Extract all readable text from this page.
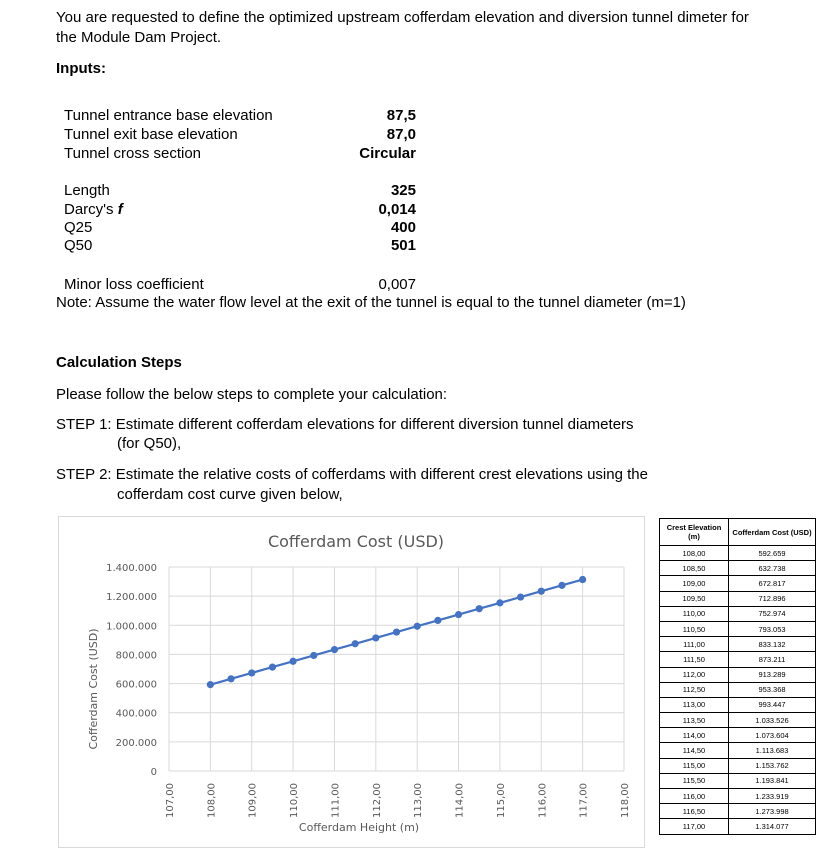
You are requested to define the optimized upstream cofferdam elevation and diversion tunnel dimeter for the Module Dam Project.
Inputs:
Tunnel entrance base elevation	87,5
Tunnel exit base elevation	87,0
Tunnel cross section	Circular
Length	325
Darcy's f	0,014
Q25	400
Q50	501
Minor loss coefficient	0,007
Note: Assume the water flow level at the exit of the tunnel is equal to the tunnel diameter (m=1)
Calculation Steps
Please follow the below steps to complete your calculation:
STEP 1: Estimate different cofferdam elevations for different diversion tunnel diameters
(for Q50),
STEP 2: Estimate the relative costs of cofferdams with different crest elevations using the
cofferdam cost curve given below,
Cofferdam Cost (USD)
Cofferdam Cost (USD)
Cofferdam Height (m)
0
200.000
400.000
600.000
800.000
1.000.000
1.200.000
1.400.000
107,00	108,00	109,00	110,00	111,00	112,00	113,00	114,00	115,00	116,00	117,00	118,00
Crest Elevation (m)	Cofferdam Cost (USD)
108,00	592.659
108,50	632.738
109,00	672.817
109,50	712.896
110,00	752.974
110,50	793.053
111,00	833.132
111,50	873.211
112,00	913.289
112,50	953.368
113,00	993.447
113,50	1.033.526
114,00	1.073.604
114,50	1.113.683
115,00	1.153.762
115,50	1.193.841
116,00	1.233.919
116,50	1.273.998
117,00	1.314.077
